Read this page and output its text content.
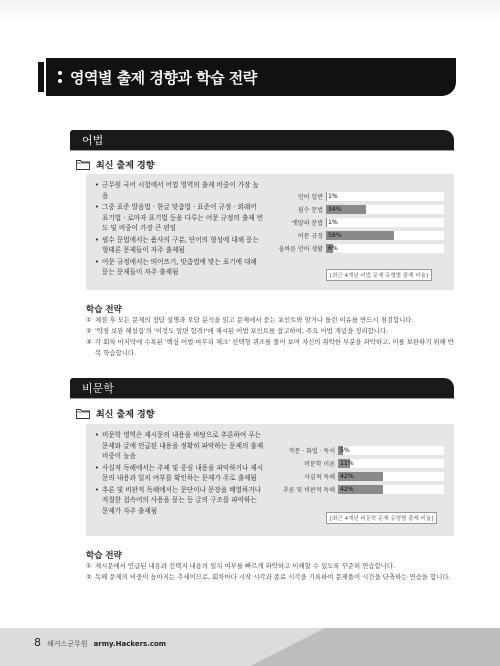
영역별 출제 경향과 학습 전략
어법
최신 출제 경향
• 군무원 국어 시험에서 어법 영역의 출제 비중이 가장 높음
• 그중 표준 발음법 · 한글 맞춤법 · 표준어 규정 · 외래어 표기법 · 로마자 표기법 등을 다루는 어문 규정의 출제 빈도 및 비중이 가장 큰 편임
• 필수 문법에서는 품사의 구분, 단어의 형성에 대해 묻는 형태론 문제들이 자주 출제됨
• 어문 규정에서는 띄어쓰기, 맞춤법에 맞는 표기에 대해 묻는 문제들이 자주 출제됨
언어 일반 1%
필수 문법 34%
옛말의 문법 1%
어문 규정 58%
올바른 언어 생활 6%
[최근 4개년 어법 문제 유형별 출제 비율]
학습 전략
① 체점 후 모든 문제의 정답 설명과 오답 분석을 읽고 문제에서 묻는 포인트와 맞거나 틀린 이유를 반드시 점검합니다.
② '약점 보완 해설집'의 '이것도 알면 합격!'에 제시된 어법 포인트를 참고하여, 주요 어법 개념을 정리합니다.
③ 각 회차 마지막에 수록된 '핵심 어법 마무리 체크' 선택형 퀴즈를 풀어 보며 자신의 취약한 부분을 파악하고, 이를 보완하기 위해 반복 학습합니다.
비문학
최신 출제 경향
• 비문학 영역은 제시문의 내용을 바탕으로 추론하여 푸는 문제와 글에 언급된 내용을 정확히 파악하는 문제의 출제 비중이 높음
• 사실적 독해에서는 주제 및 중심 내용을 파악하거나 제시문의 내용과 일치 여부를 확인하는 문제가 주로 출제됨
• 추론 및 비판적 독해에서는 문단이나 문장을 배열하거나 적절한 접속어의 사용을 묻는 등 글의 구조를 파악하는 문제가 자주 출제됨
작문 · 화법 · 독서 5%
비문학 이론 11%
사실적 독해 42%
추론 및 비판적 독해 42%
[최근 4개년 비문학 문제 유형별 출제 비율]
학습 전략
① 제시문에서 언급된 내용과 선택지 내용의 일치 여부를 빠르게 파악하고 이해할 수 있도록 꾸준히 연습합니다.
② 독해 문제의 비중이 높아지는 추세이므로, 회차마다 시작 시각과 종료 시각을 기록하여 문제풀이 시간을 단축하는 연습을 합니다.
8 해커스군무원 army.Hackers.com
